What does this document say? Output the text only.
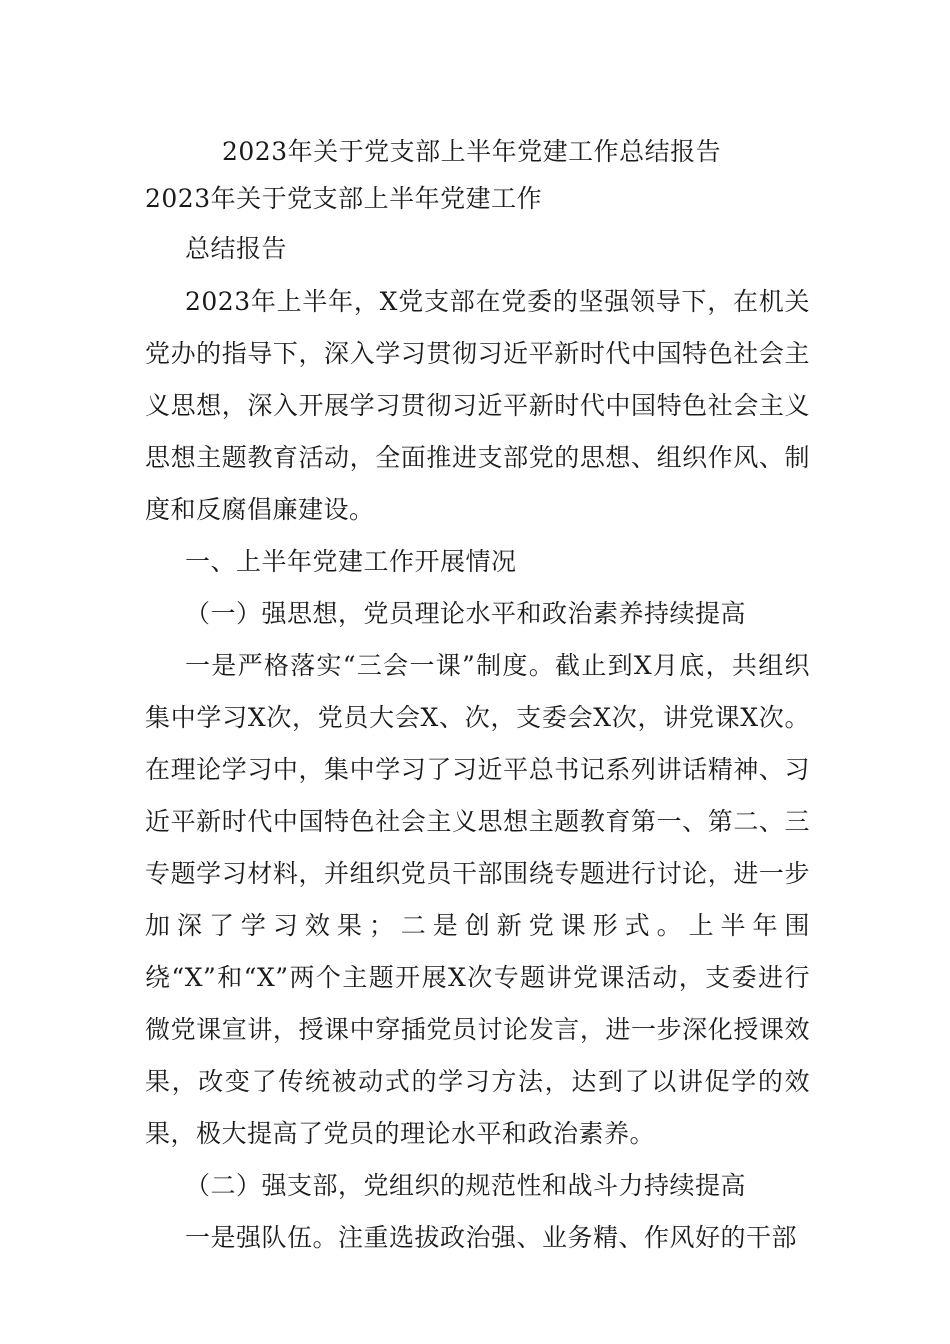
2023年关于党支部上半年党建工作总结报告
2023年关于党支部上半年党建工作
总结报告

2023年上半年，X党支部在党委的坚强领导下，在机关党办的指导下，深入学习贯彻习近平新时代中国特色社会主义思想，深入开展学习贯彻习近平新时代中国特色社会主义思想主题教育活动，全面推进支部党的思想、组织作风、制度和反腐倡廉建设。

一、上半年党建工作开展情况

（一）强思想，党员理论水平和政治素养持续提高

一是严格落实“三会一课”制度。截止到X月底，共组织集中学习X次，党员大会X、次，支委会X次，讲党课X次。在理论学习中，集中学习了习近平总书记系列讲话精神、习近平新时代中国特色社会主义思想主题教育第一、第二、三专题学习材料，并组织党员干部围绕专题进行讨论，进一步加深了学习效果；二是创新党课形式。上半年围绕“X”和“X”两个主题开展X次专题讲党课活动，支委进行微党课宣讲，授课中穿插党员讨论发言，进一步深化授课效果，改变了传统被动式的学习方法，达到了以讲促学的效果，极大提高了党员的理论水平和政治素养。

（二）强支部，党组织的规范性和战斗力持续提高

一是强队伍。注重选拔政治强、业务精、作风好的干部
